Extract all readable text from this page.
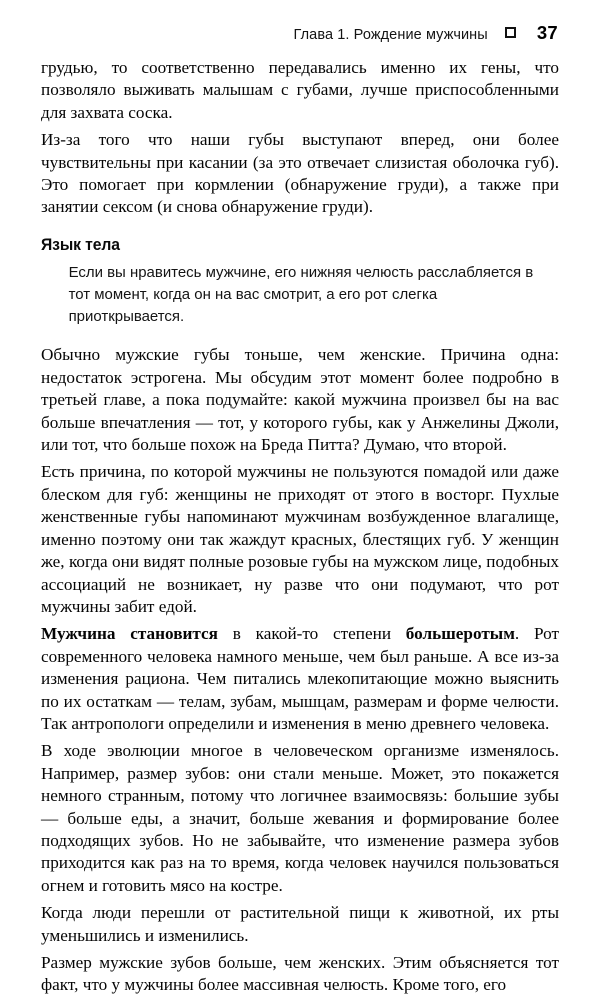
Глава 1. Рождение мужчины	37

грудью, то соответственно передавались именно их гены, что позволяло выживать малышам с губами, лучше приспособленными для захвата соска.

Из-за того что наши губы выступают вперед, они более чувствительны при касании (за это отвечает слизистая оболочка губ). Это помогает при кормлении (обнаружение груди), а также при занятии сексом (и снова обнаружение груди).

Язык тела
Если вы нравитесь мужчине, его нижняя челюсть расслабляется в тот момент, когда он на вас смотрит, а его рот слегка приоткрывается.

Обычно мужские губы тоньше, чем женские. Причина одна: недостаток эстрогена. Мы обсудим этот момент более подробно в третьей главе, а пока подумайте: какой мужчина произвел бы на вас больше впечатления — тот, у которого губы, как у Анжелины Джоли, или тот, что больше похож на Бреда Питта? Думаю, что второй.

Есть причина, по которой мужчины не пользуются помадой или даже блеском для губ: женщины не приходят от этого в восторг. Пухлые женственные губы напоминают мужчинам возбужденное влагалище, именно поэтому они так жаждут красных, блестящих губ. У женщин же, когда они видят полные розовые губы на мужском лице, подобных ассоциаций не возникает, ну разве что они подумают, что рот мужчины забит едой.

Мужчина становится в какой-то степени большеротым. Рот современного человека намного меньше, чем был раньше. А все из-за изменения рациона. Чем питались млекопитающие можно выяснить по их остаткам — телам, зубам, мышцам, размерам и форме челюсти. Так антропологи определили и изменения в меню древнего человека.

В ходе эволюции многое в человеческом организме изменялось. Например, размер зубов: они стали меньше. Может, это покажется немного странным, потому что логичнее взаимосвязь: большие зубы — больше еды, а значит, больше жевания и формирование более подходящих зубов. Но не забывайте, что изменение размера зубов приходится как раз на то время, когда человек научился пользоваться огнем и готовить мясо на костре.

Когда люди перешли от растительной пищи к животной, их рты уменьшились и изменились.

Размер мужские зубов больше, чем женских. Этим объясняется тот факт, что у мужчины более массивная челюсть. Кроме того, его
